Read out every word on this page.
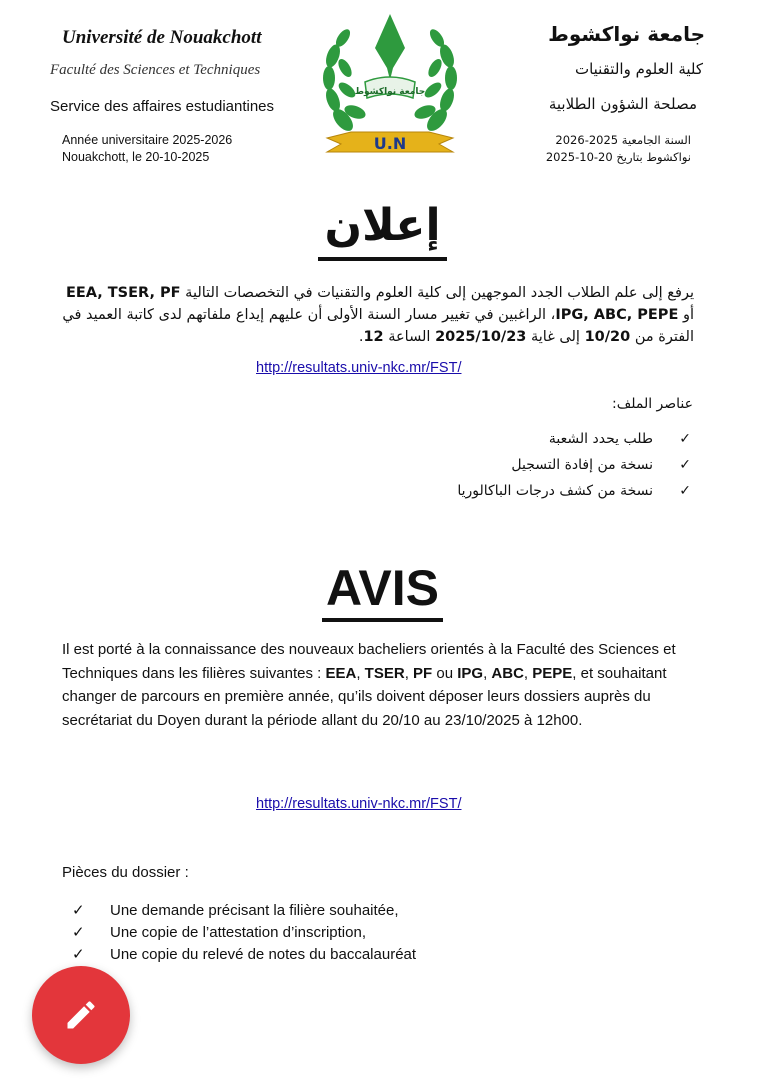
Université de Nouakchott
Faculté des Sciences et Techniques
Service des affaires estudiantines
Année universitaire 2025-2026
Nouakchott, le 20-10-2025
جامعة نواكشوط
كلية العلوم والتقنيات
مصلحة الشؤون الطلابية
السنة الجامعية 2025-2026
نواكشوط بتاريخ 20-10-2025
جامعة نواكشوط
U.N
إعلان
يرفع إلى علم الطلاب الجدد الموجهين إلى كلية العلوم والتقنيات في التخصصات التالية EEA, TSER, PF أو IPG, ABC, PEPE، الراغبين في تغيير مسار السنة الأولى أن عليهم إيداع ملفاتهم لدى كاتبة العميد في الفترة من 10/20 إلى غاية 2025/10/23 الساعة 12.
http://resultats.univ-nkc.mr/FST/
عناصر الملف:
✓
طلب يحدد الشعبة
✓
نسخة من إفادة التسجيل
✓
نسخة من كشف درجات الباكالوريا
AVIS
Il est porté à la connaissance des nouveaux bacheliers orientés à la Faculté des Sciences et Techniques dans les filières suivantes : EEA, TSER, PF ou IPG, ABC, PEPE, et souhaitant changer de parcours en première année, qu’ils doivent déposer leurs dossiers auprès du secrétariat du Doyen durant la période allant du 20/10 au 23/10/2025 à 12h00.
http://resultats.univ-nkc.mr/FST/
Pièces du dossier :
✓	Une demande précisant la filière souhaitée,
✓	Une copie de l’attestation d’inscription,
✓	Une copie du relevé de notes du baccalauréat
